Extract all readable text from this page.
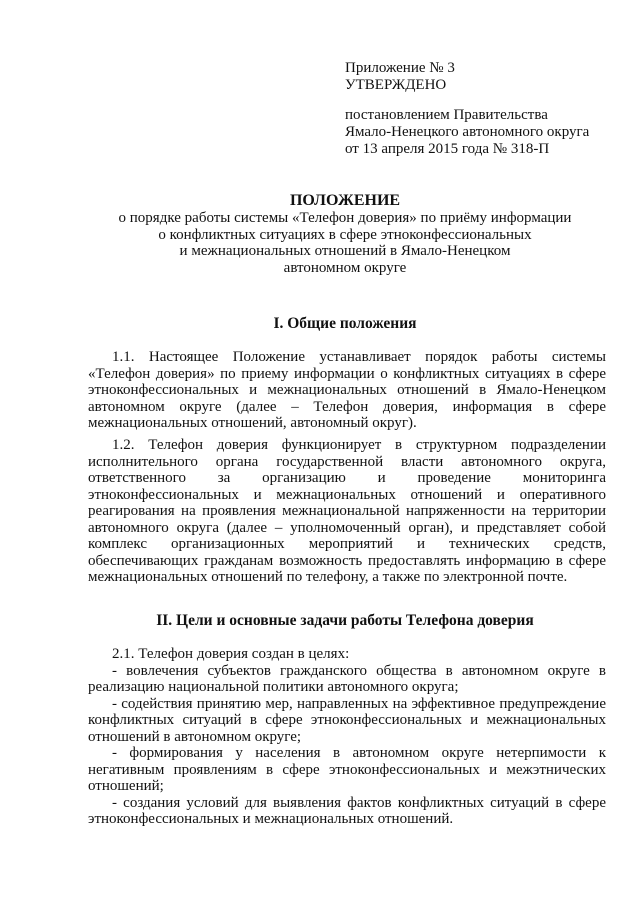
Приложение № 3

УТВЕРЖДЕНО

постановлением Правительства

Ямало-Ненецкого автономного округа

от 13 апреля 2015 года № 318-П

ПОЛОЖЕНИЕ
о порядке работы системы «Телефон доверия» по приёму информации
о конфликтных ситуациях в сфере этноконфессиональных
и межнациональных отношений в Ямало-Ненецком
автономном округе
I. Общие положения

1.1. Настоящее Положение устанавливает порядок работы системы «Телефон доверия» по приему информации о конфликтных ситуациях в сфере этноконфессиональных и межнациональных отношений в Ямало-Ненецком автономном округе (далее – Телефон доверия, информация в сфере межнациональных отношений, автономный округ).

1.2. Телефон доверия функционирует в структурном подразделении исполнительного органа государственной власти автономного округа, ответственного за организацию и проведение мониторинга этноконфессиональных и межнациональных отношений и оперативного реагирования на проявления межнациональной напряженности на территории автономного округа (далее – уполномоченный орган), и представляет собой комплекс организационных мероприятий и технических средств, обеспечивающих гражданам возможность предоставлять информацию в сфере межнациональных отношений по телефону, а также по электронной почте.

II. Цели и основные задачи работы Телефона доверия
2.1. Телефон доверия создан в целях:
- вовлечения субъектов гражданского общества в автономном округе в реализацию национальной политики автономного округа;
- содействия принятию мер, направленных на эффективное предупреждение конфликтных ситуаций в сфере этноконфессиональных и межнациональных отношений в автономном округе;
- формирования у населения в автономном округе нетерпимости к негативным проявлениям в сфере этноконфессиональных и межэтнических отношений;
- создания условий для выявления фактов конфликтных ситуаций в сфере этноконфессиональных и межнациональных отношений.
